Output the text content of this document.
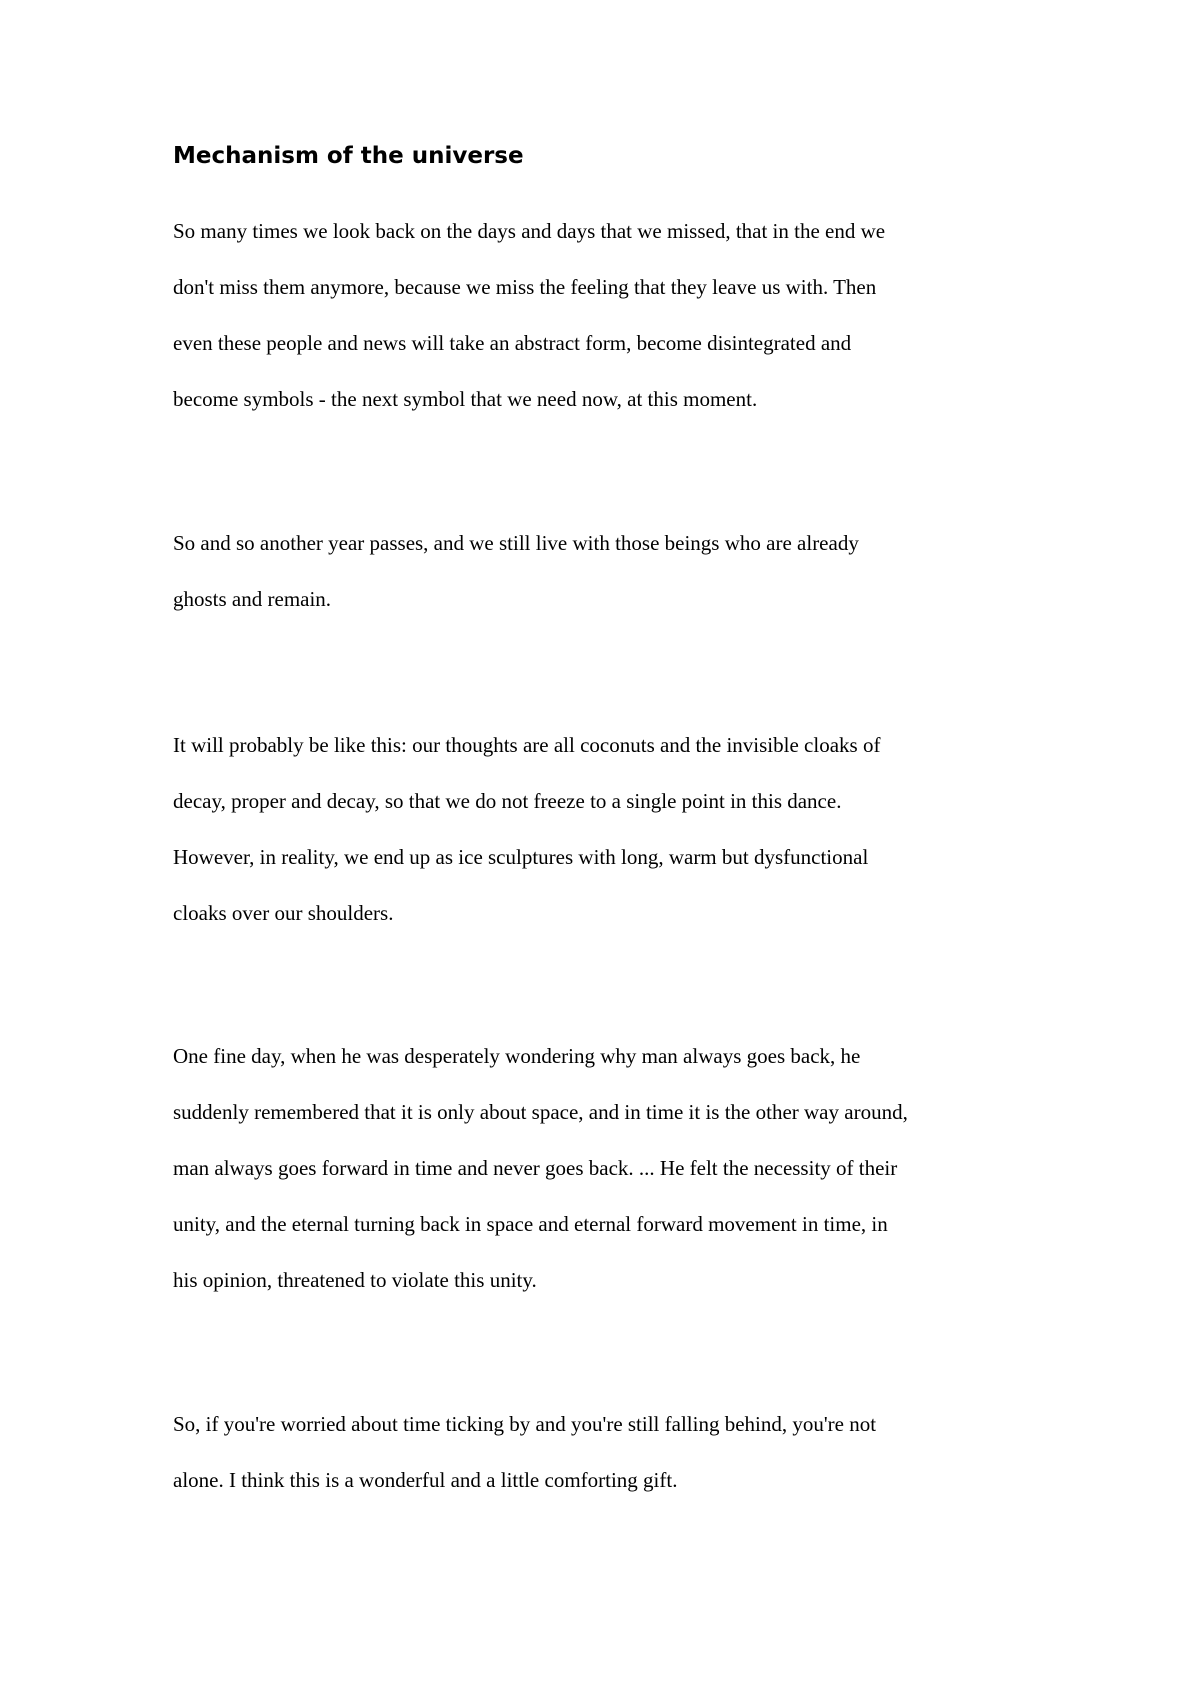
Mechanism of the universe
So many times we look back on the days and days that we missed, that in the end we
don't miss them anymore, because we miss the feeling that they leave us with. Then
even these people and news will take an abstract form, become disintegrated and
become symbols - the next symbol that we need now, at this moment.
So and so another year passes, and we still live with those beings who are already
ghosts and remain.
It will probably be like this: our thoughts are all coconuts and the invisible cloaks of
decay, proper and decay, so that we do not freeze to a single point in this dance.
However, in reality, we end up as ice sculptures with long, warm but dysfunctional
cloaks over our shoulders.
One fine day, when he was desperately wondering why man always goes back, he
suddenly remembered that it is only about space, and in time it is the other way around,
man always goes forward in time and never goes back. ... He felt the necessity of their
unity, and the eternal turning back in space and eternal forward movement in time, in
his opinion, threatened to violate this unity.
So, if you're worried about time ticking by and you're still falling behind, you're not
alone. I think this is a wonderful and a little comforting gift.
